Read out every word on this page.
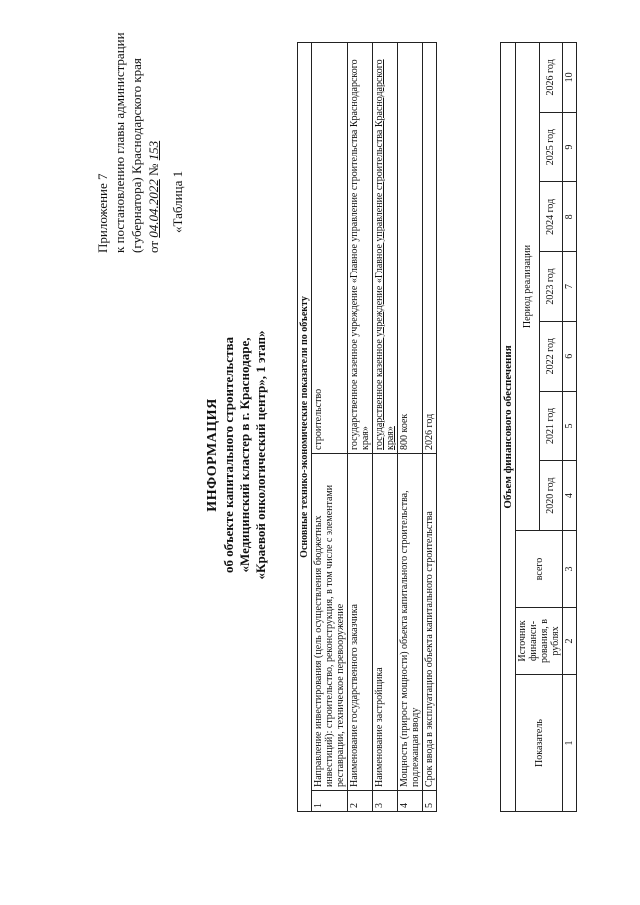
Приложение 7 к постановлению главы администрации (губернатора) Краснодарского края от 04.04.2022 № 153
«Таблица 1
ИНФОРМАЦИЯ об объекте капитального строительства «Медицинский кластер в г. Краснодаре, «Краевой онкологический центр», 1 этап»	Основные технико-экономические показатели по объекту		
1	Направление инвестирования (цель осуществления бюджетных инвестиций): строительство, реконструкция, в том числе с элементами реставрации, техническое перевооружение	строительство
2	Наименование государственного заказчика	государственное казенное учреждение «Главное управление строительства Краснодарского края»
3	Наименование застройщика	государственное казенное учреждение «Главное управление строительства Краснодарского края»
4	Мощность (прирост мощности) объекта капитального строительства, подлежащая вводу	800 коек
5	Срок ввода в эксплуатацию объекта капитального строительства	2026 год	Объем финансового обеспечения									
Показатель	Источник финанси-рования, в рублях	всего	Период реализации						
			2020 год	2021 год	2022 год	2023 год	2024 год	2025 год	2026 год
1	2	3	4	5	6	7	8	9	10
